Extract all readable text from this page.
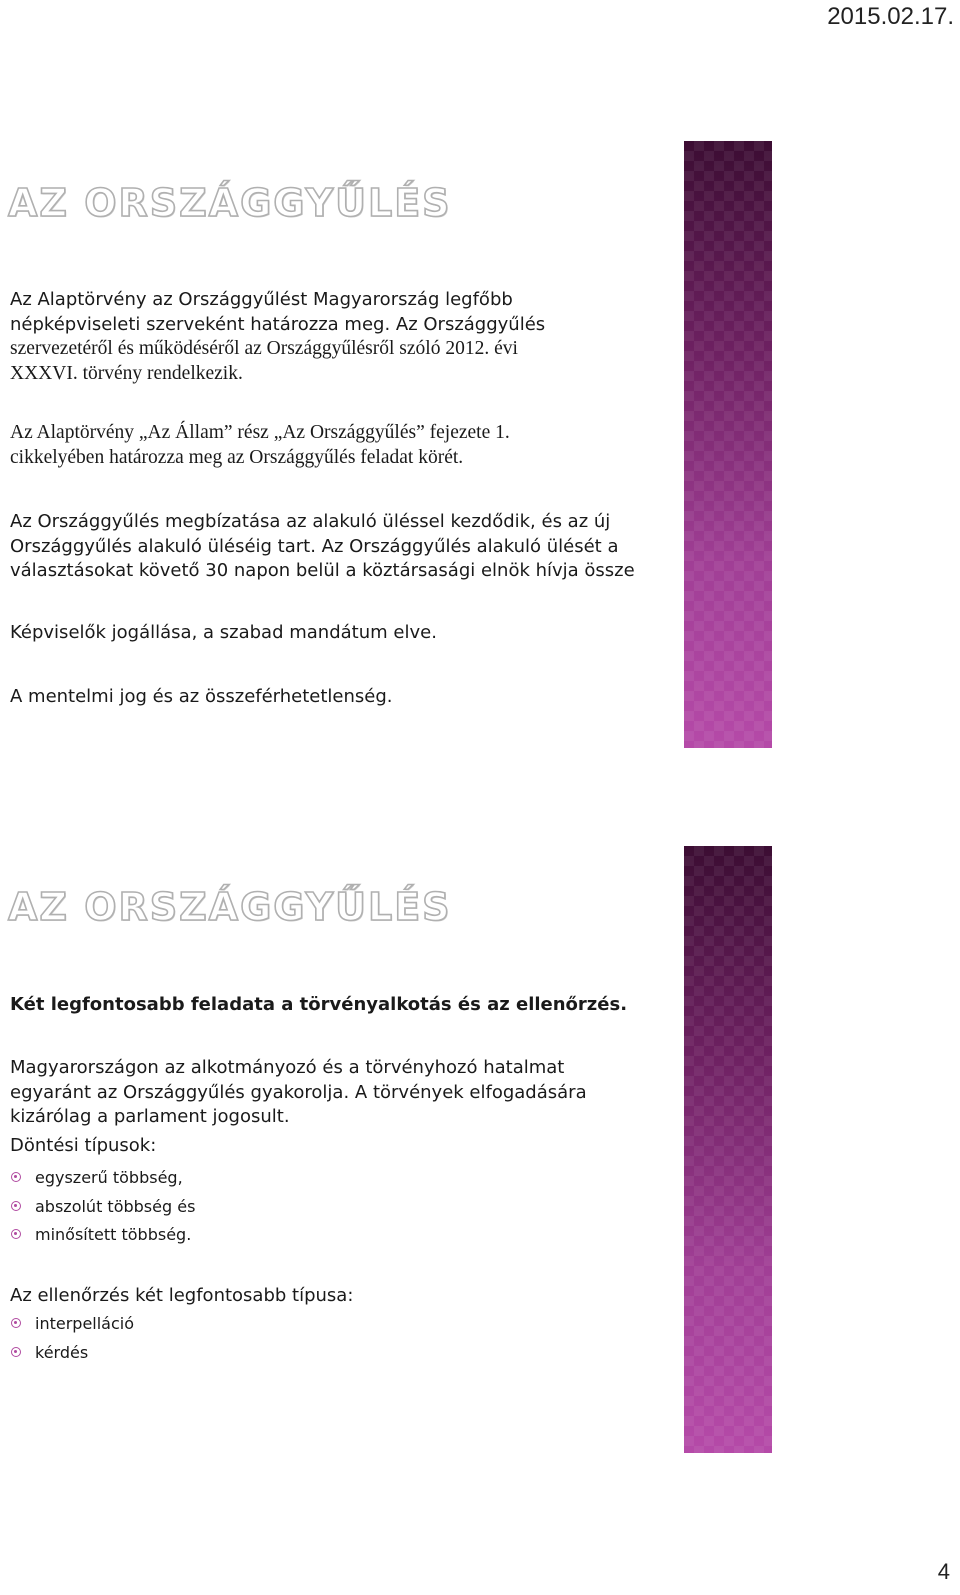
2015.02.17.
AZ ORSZÁGGYŰLÉS
Az Alaptörvény az Országgyűlést Magyarország legfőbb
népképviseleti szerveként határozza meg. Az Országgyűlés
szervezetéről és működéséről az Országgyűlésről szóló 2012. évi
XXXVI. törvény rendelkezik.
Az Alaptörvény „Az Állam” rész „Az Országgyűlés” fejezete 1.
cikkelyében határozza meg az Országgyűlés feladat körét.
Az Országgyűlés megbízatása az alakuló üléssel kezdődik, és az új
Országgyűlés alakuló üléséig tart. Az Országgyűlés alakuló ülését a
választásokat követő 30 napon belül a köztársasági elnök hívja össze
Képviselők jogállása, a szabad mandátum elve.
A mentelmi jog és az összeférhetetlenség.
AZ ORSZÁGGYŰLÉS
Két legfontosabb feladata a törvényalkotás és az ellenőrzés.
Magyarországon az alkotmányozó és a törvényhozó hatalmat
egyaránt az Országgyűlés gyakorolja. A törvények elfogadására
kizárólag a parlament jogosult.
Döntési típusok:
egyszerű többség,
abszolút többség és
minősített többség.
Az ellenőrzés két legfontosabb típusa:
interpelláció
kérdés
4
